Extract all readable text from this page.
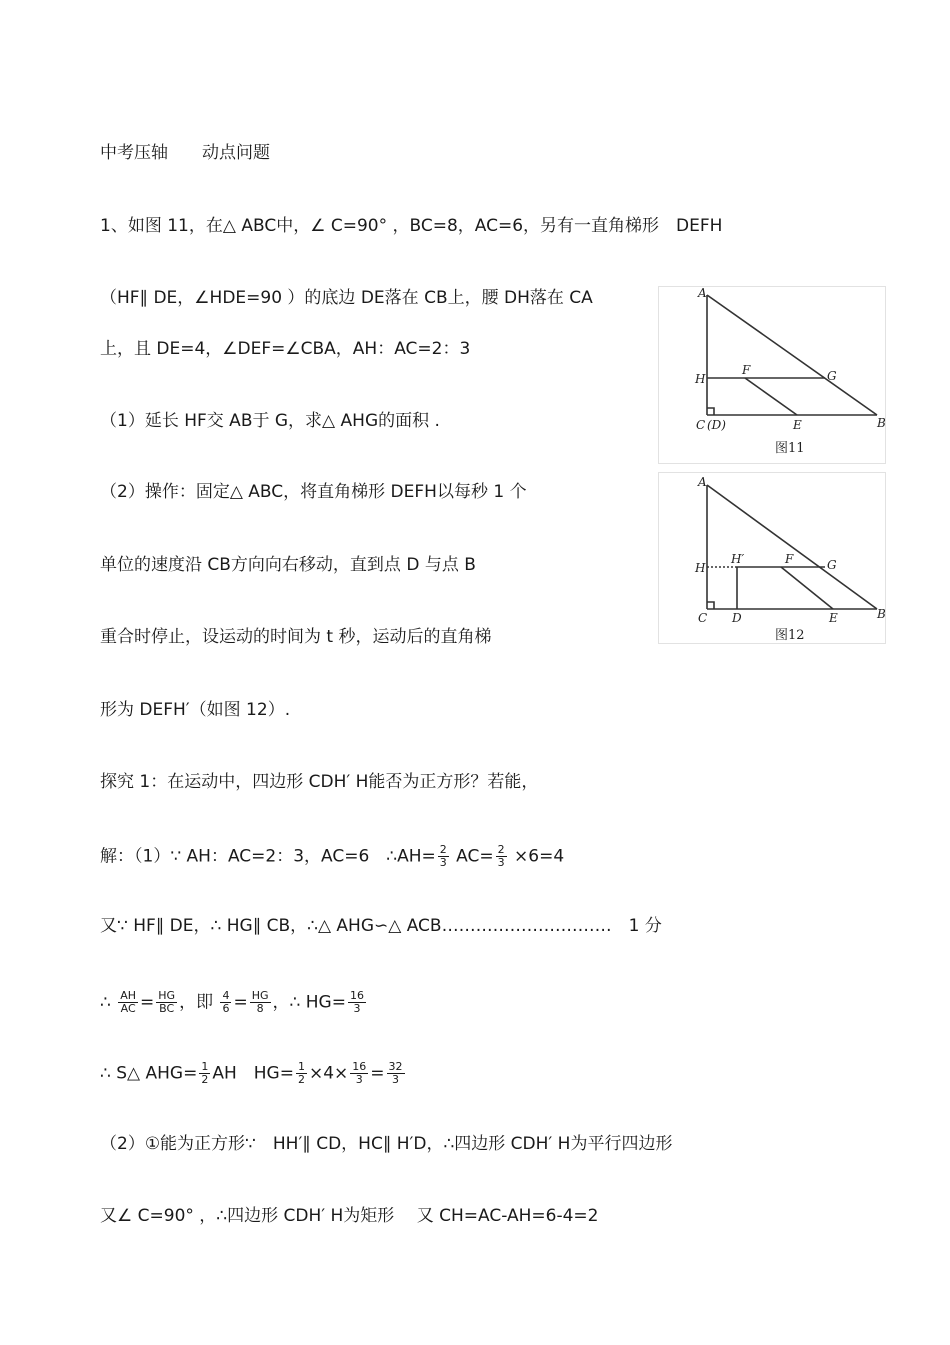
中考压轴　　动点问题
1、如图 11，在△ ABC中，∠ C=90° ，BC=8，AC=6，另有一直角梯形　DEFH
（HF∥ DE，∠HDE=90 ）的底边 DE落在 CB上，腰 DH落在 CA
上，且 DE=4，∠DEF=∠CBA，AH：AC=2：3
（1）延长 HF交 AB于 G，求△ AHG的面积 .
（2）操作：固定△ ABC，将直角梯形 DEFH以每秒 1 个
单位的速度沿 CB方向向右移动，直到点 D 与点 B
重合时停止，设运动的时间为 t 秒，运动后的直角梯
形为 DEFH′（如图 12）.
探究 1：在运动中，四边形 CDH′ H能否为正方形？若能，
解：（1）∵ AH：AC=2：3，AC=6　∴AH= $\frac{2}{3} AC= \frac{2}{3} \times 6=4$
又∵ HF∥ DE，∴ HG∥ CB，∴△ AHG∽△ ACB…………………………　1 分
∴ $\frac{AH}{AC} = \frac{HG}{BC}$ ，即 $\frac{4}{6} = \frac{HG}{8}$ ，∴ $HG= \frac{16}{3}$
∴ S△ $AHG= \frac{1}{2}$ AH　$HG= \frac{1}{2} \times 4\times \frac{16}{3} = \frac{32}{3}$
（2）①能为正方形∵　HH′∥ CD，HC∥ H′D，∴四边形 CDH′ H为平行四边形
又∠ C=90° ，∴四边形 CDH′ H为矩形　 又 CH=AC-AH=6-4=2
A
H
F	G
C (D)	E	B
图11
A
H
H′	F	G
C D	E	B
图12
